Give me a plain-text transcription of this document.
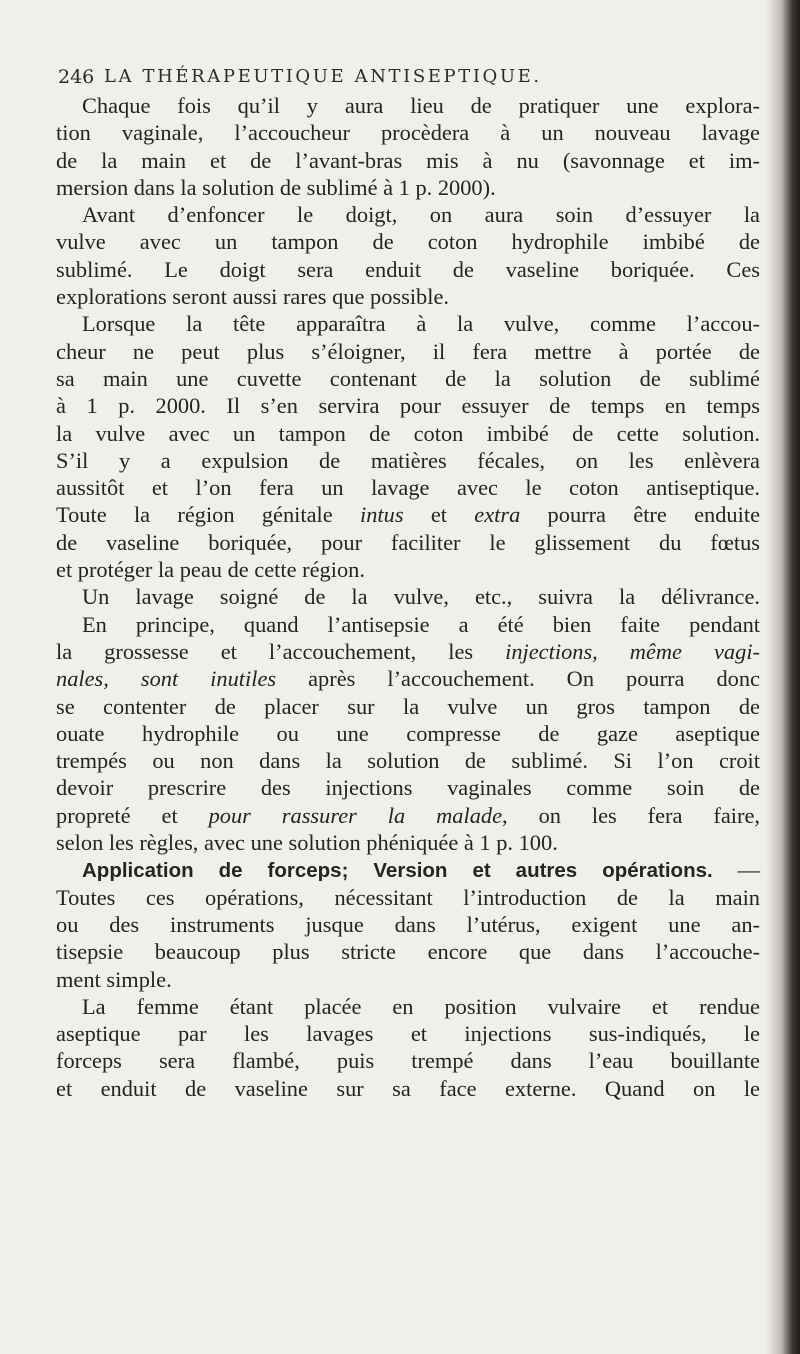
246 LA THÉRAPEUTIQUE ANTISEPTIQUE.
Chaque fois qu’il y aura lieu de pratiquer une explora-
tion vaginale, l’accoucheur procèdera à un nouveau lavage
de la main et de l’avant-bras mis à nu (savonnage et im-
mersion dans la solution de sublimé à 1 p. 2000).
Avant d’enfoncer le doigt, on aura soin d’essuyer la
vulve avec un tampon de coton hydrophile imbibé de
sublimé. Le doigt sera enduit de vaseline boriquée. Ces
explorations seront aussi rares que possible.
Lorsque la tête apparaîtra à la vulve, comme l’accou-
cheur ne peut plus s’éloigner, il fera mettre à portée de
sa main une cuvette contenant de la solution de sublimé
à 1 p. 2000. Il s’en servira pour essuyer de temps en temps
la vulve avec un tampon de coton imbibé de cette solution.
S’il y a expulsion de matières fécales, on les enlèvera
aussitôt et l’on fera un lavage avec le coton antiseptique.
Toute la région génitale intus et extra pourra être enduite
de vaseline boriquée, pour faciliter le glissement du fœtus
et protéger la peau de cette région.
Un lavage soigné de la vulve, etc., suivra la délivrance.
En principe, quand l’antisepsie a été bien faite pendant
la grossesse et l’accouchement, les injections, même vagi-
nales, sont inutiles après l’accouchement. On pourra donc
se contenter de placer sur la vulve un gros tampon de
ouate hydrophile ou une compresse de gaze aseptique
trempés ou non dans la solution de sublimé. Si l’on croit
devoir prescrire des injections vaginales comme soin de
propreté et pour rassurer la malade, on les fera faire,
selon les règles, avec une solution phéniquée à 1 p. 100.
Application de forceps; Version et autres opérations. —
Toutes ces opérations, nécessitant l’introduction de la main
ou des instruments jusque dans l’utérus, exigent une an-
tisepsie beaucoup plus stricte encore que dans l’accouche-
ment simple.
La femme étant placée en position vulvaire et rendue
aseptique par les lavages et injections sus-indiqués, le
forceps sera flambé, puis trempé dans l’eau bouillante
et enduit de vaseline sur sa face externe. Quand on le
